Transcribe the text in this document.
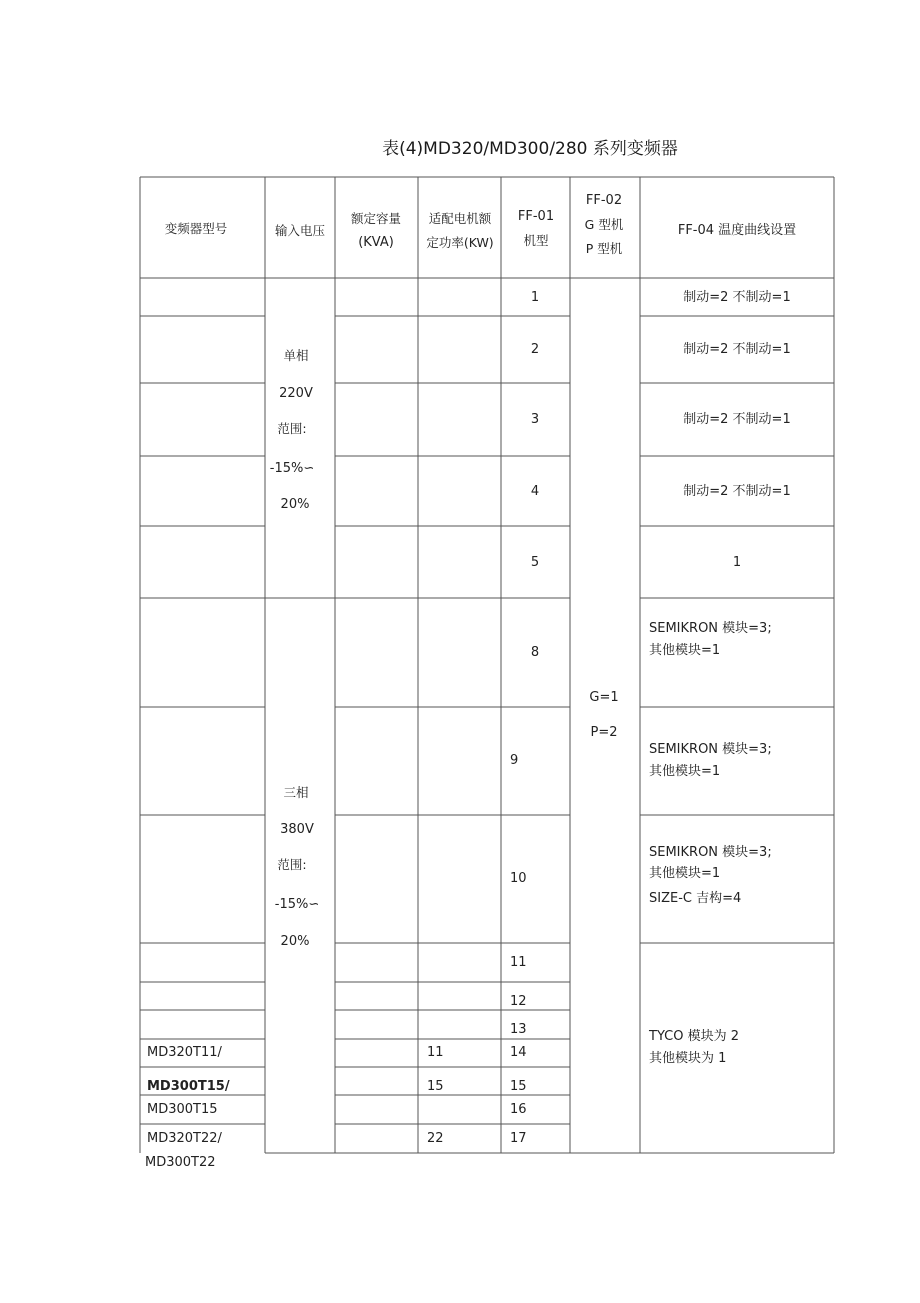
表(4)MD320/MD300/280 系列变频器
变频器型号	输入电压
额定容量
(KVA)
适配电机额
定功率(KW)
FF-01
机型
FF-02
G 型机
P 型机
FF-04 温度曲线设置
单相
220V
范围:
-15%∽
20%
三相
380V
范围:
-15%∽
20%
G=1
P=2
1
2
3
4
5
8
9
10
11
12
13
14
15
16
17
制动=2 不制动=1
制动=2 不制动=1
制动=2 不制动=1
制动=2 不制动=1
1
SEMIKRON 模块=3;
其他模块=1
SEMIKRON 模块=3;
其他模块=1
SEMIKRON 模块=3;
其他模块=1
SIZE-C 吉构=4
TYCO 模块为 2
其他模块为 1
MD320T11/
MD300T15/
MD300T15
MD320T22/
MD300T22
11
15
22
